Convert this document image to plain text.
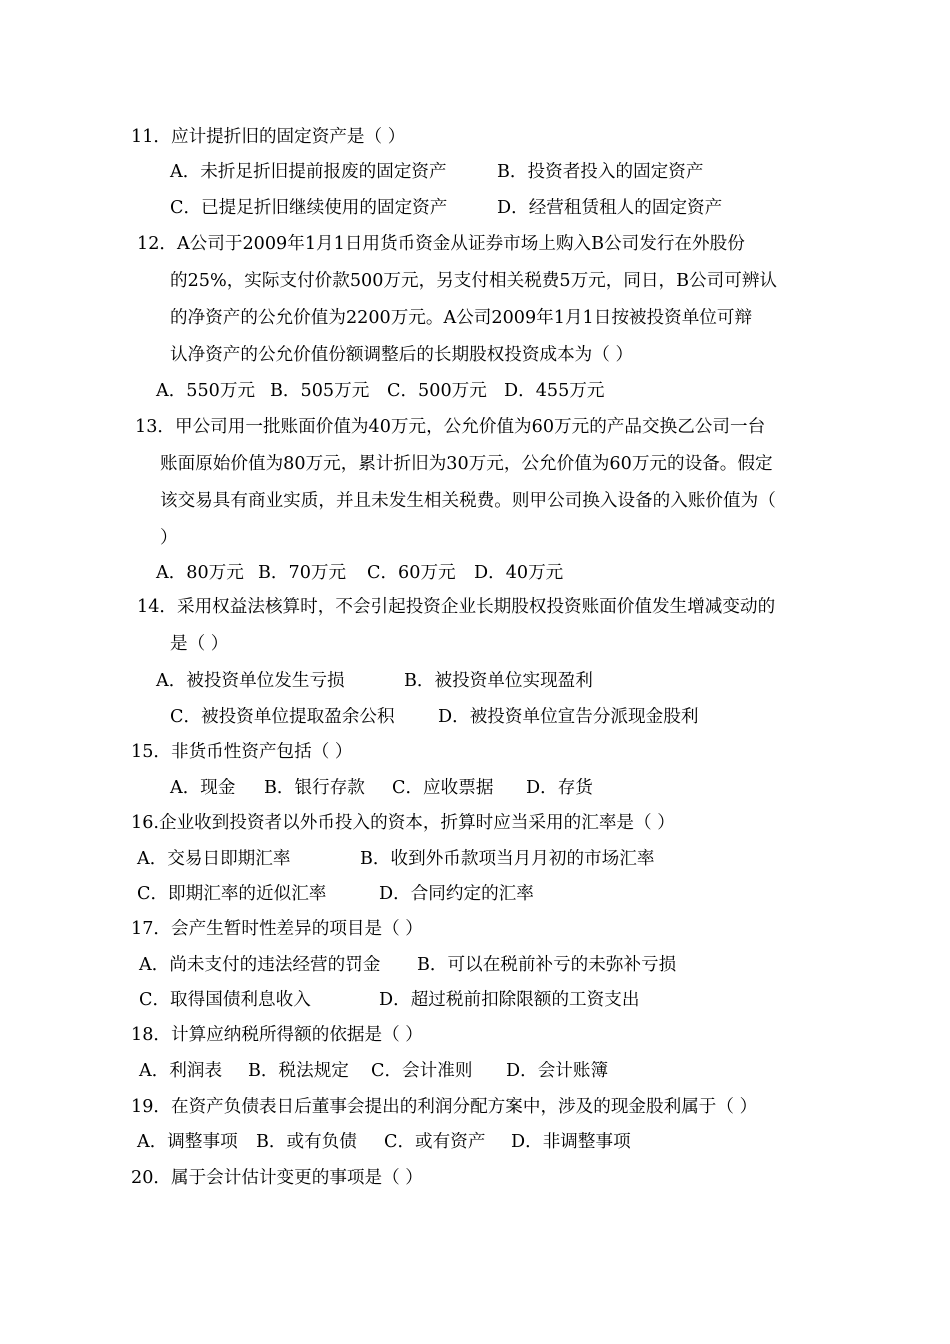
11．应计提折旧的固定资产是（ ）
A．未折足折旧提前报废的固定资产	B．投资者投入的固定资产
C．已提足折旧继续使用的固定资产	D．经营租赁租人的固定资产
12．A公司于2009年1月1日用货币资金从证券市场上购入B公司发行在外股份
的25%，实际支付价款500万元，另支付相关税费5万元，同日，B公司可辨认
的净资产的公允价值为2200万元。A公司2009年1月1日按被投资单位可辩
认净资产的公允价值份额调整后的长期股权投资成本为（ ）
A．550万元 B．505万元 C．500万元 D．455万元
13．甲公司用一批账面价值为40万元，公允价值为60万元的产品交换乙公司一台
账面原始价值为80万元，累计折旧为30万元，公允价值为60万元的设备。假定
该交易具有商业实质，并且未发生相关税费。则甲公司换入设备的入账价值为（
）
A．80万元 B．70万元 C．60万元 D．40万元
14．采用权益法核算时，不会引起投资企业长期股权投资账面价值发生增减变动的
是（ ）
A．被投资单位发生亏损	B．被投资单位实现盈利
C．被投资单位提取盈余公积 D．被投资单位宣告分派现金股利
15．非货币性资产包括（ ）
A．现金 B．银行存款 C．应收票据 D．存货
16.企业收到投资者以外币投入的资本，折算时应当采用的汇率是（ ）
A．交易日即期汇率	B．收到外币款项当月月初的市场汇率
C．即期汇率的近似汇率	D．合同约定的汇率
17．会产生暂时性差异的项目是（ ）
A．尚未支付的违法经营的罚金 B．可以在税前补亏的未弥补亏损
C．取得国债利息收入	D．超过税前扣除限额的工资支出
18．计算应纳税所得额的依据是（ ）
A．利润表 B．税法规定 C．会计准则 D．会计账簿
19．在资产负债表日后董事会提出的利润分配方案中，涉及的现金股利属于（ ）
A．调整事项 B．或有负债 C．或有资产 D．非调整事项
20．属于会计估计变更的事项是（ ）
